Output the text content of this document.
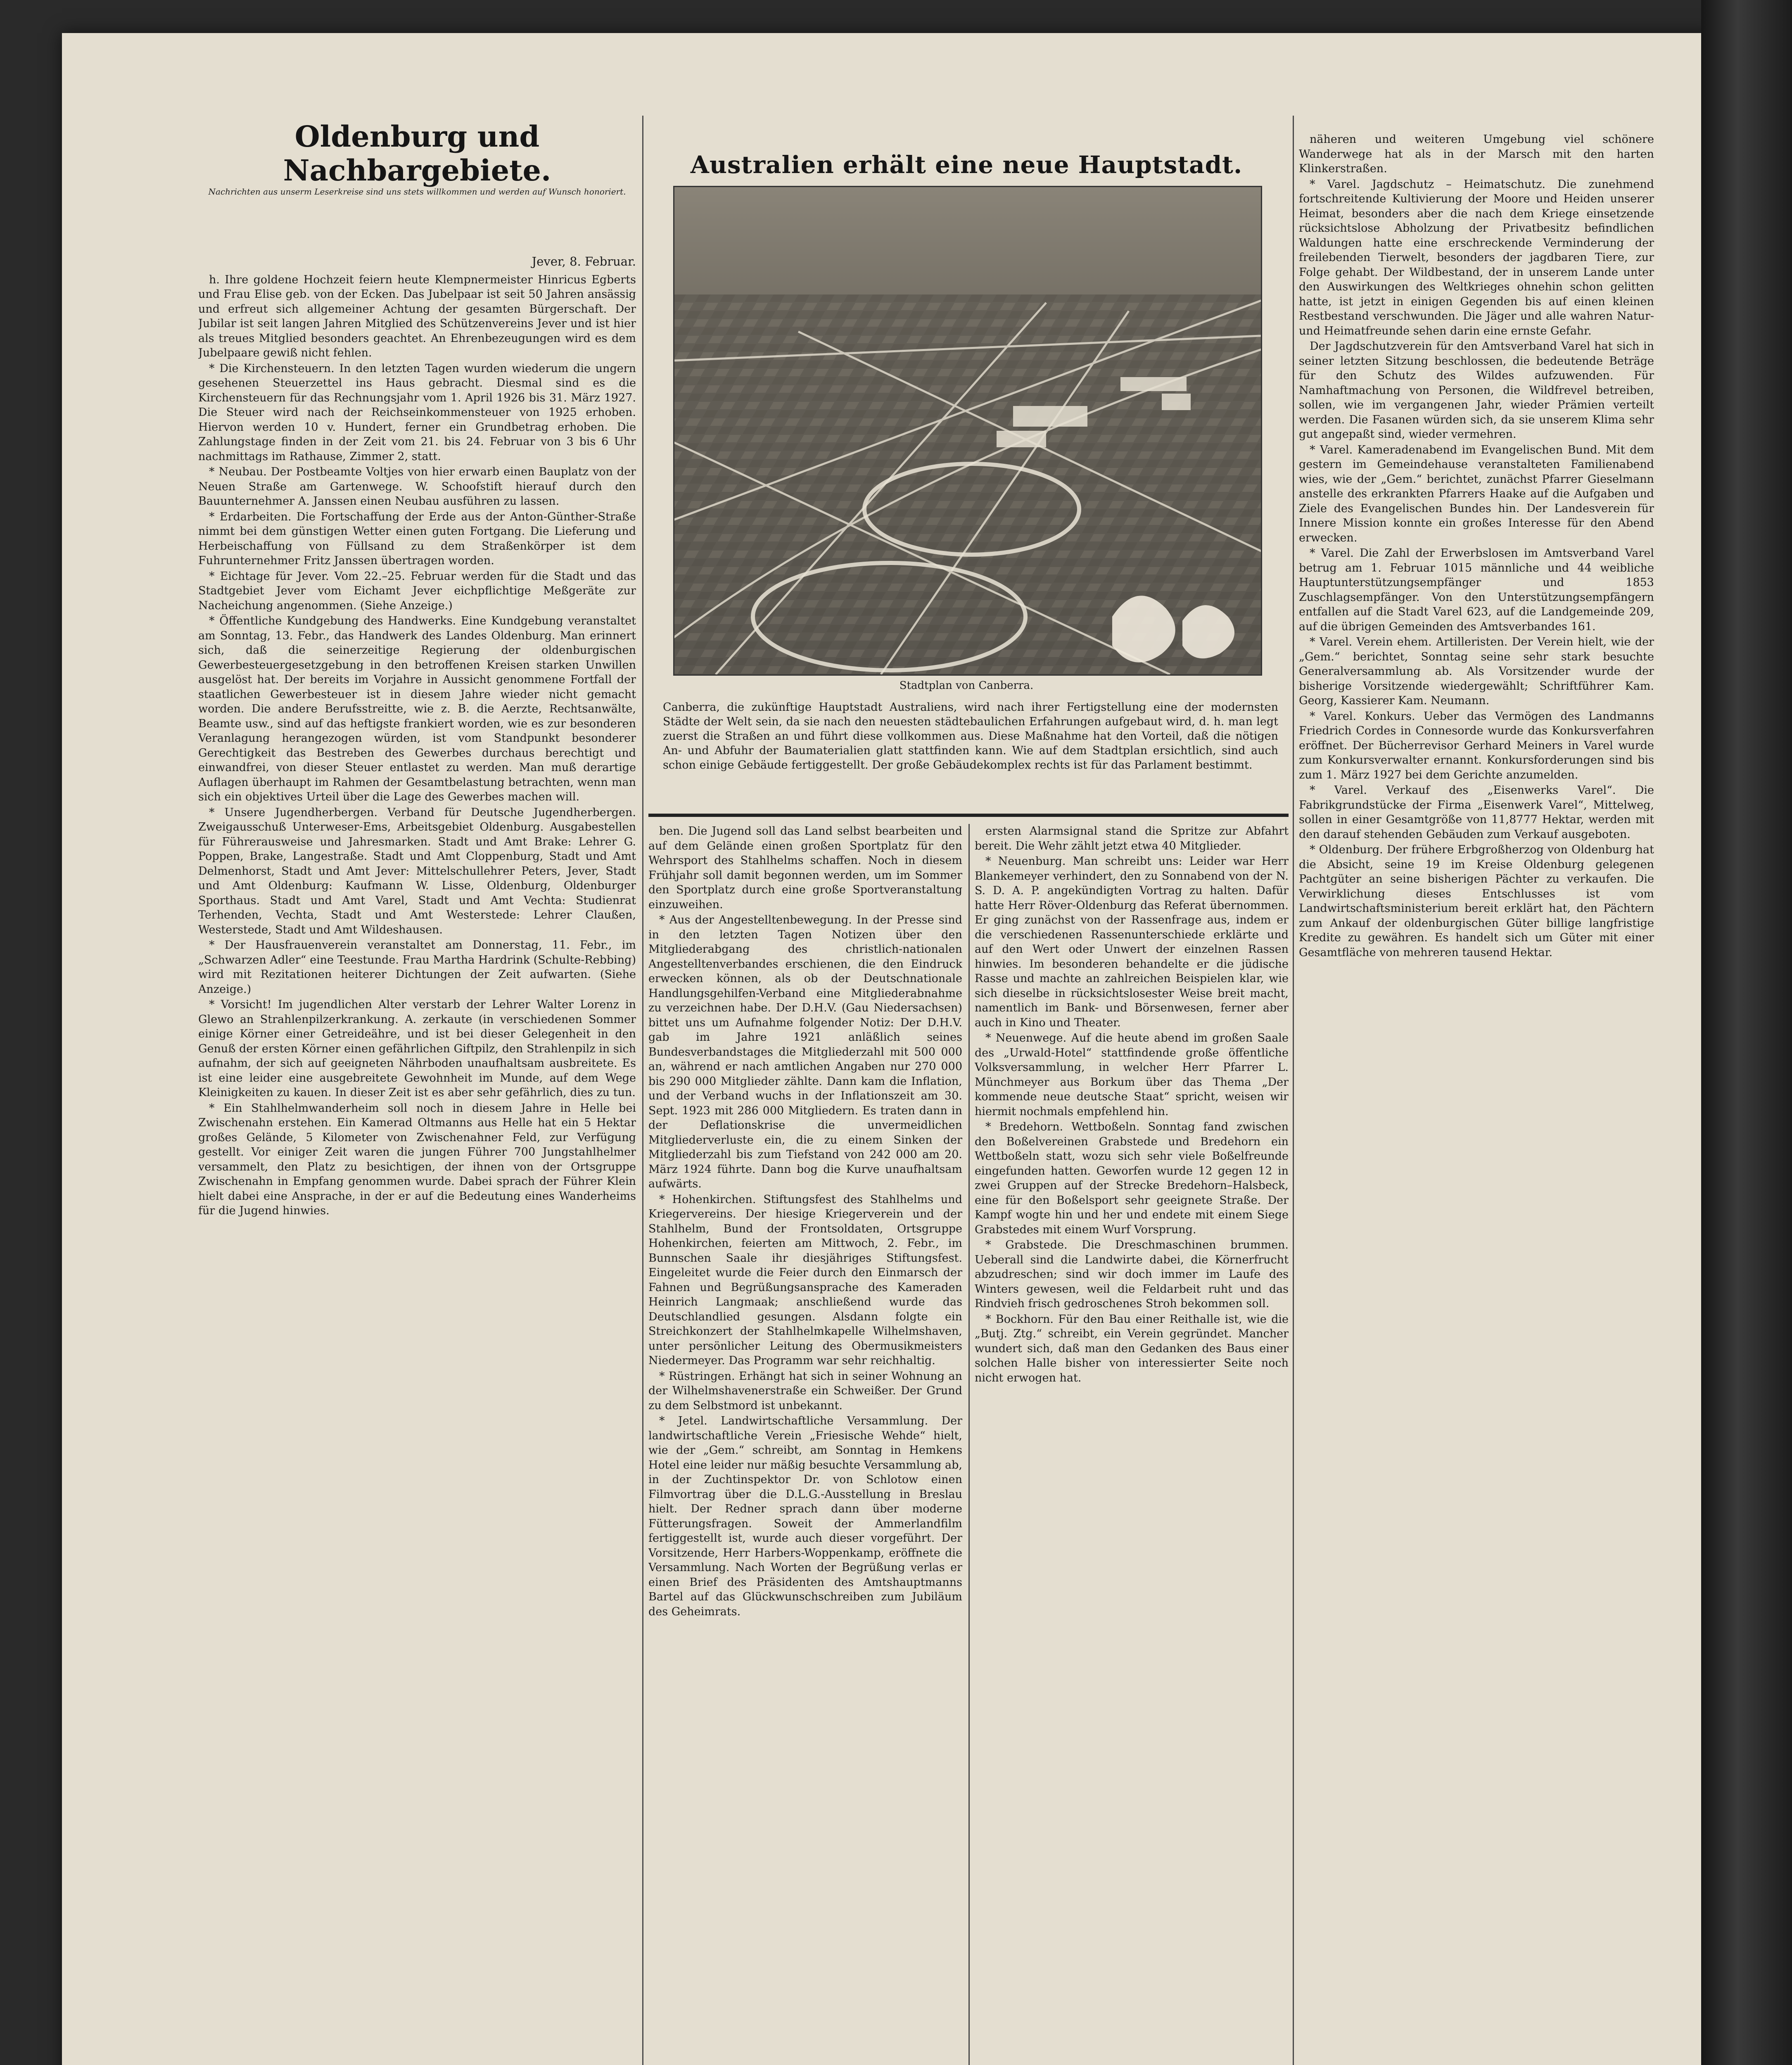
Oldenburg und Nachbargebiete.
Nachrichten aus unserm Leserkreise sind uns stets willkommen und werden auf Wunsch honoriert.
Jever, 8. Februar.

h. Ihre goldene Hochzeit feiern heute Klempnermeister Hinricus Egberts und Frau Elise geb. von der Ecken. Das Jubelpaar ist seit 50 Jahren ansässig und erfreut sich allgemeiner Achtung der gesamten Bürgerschaft. Der Jubilar ist seit langen Jahren Mitglied des Schützenvereins Jever und ist hier als treues Mitglied besonders geachtet. An Ehrenbezeugungen wird es dem Jubelpaare gewiß nicht fehlen.

* Die Kirchensteuern. In den letzten Tagen wurden wiederum die ungern gesehenen Steuerzettel ins Haus gebracht. Diesmal sind es die Kirchensteuern für das Rechnungsjahr vom 1. April 1926 bis 31. März 1927. Die Steuer wird nach der Reichseinkommensteuer von 1925 erhoben. Hiervon werden 10 v. Hundert, ferner ein Grundbetrag erhoben. Die Zahlungstage finden in der Zeit vom 21. bis 24. Februar von 3 bis 6 Uhr nachmittags im Rathause, Zimmer 2, statt.

* Neubau. Der Postbeamte Voltjes von hier erwarb einen Bauplatz von der Neuen Straße am Gartenwege. W. Schoofstift hierauf durch den Bauunternehmer A. Janssen einen Neubau ausführen zu lassen.

* Erdarbeiten. Die Fortschaffung der Erde aus der Anton-Günther-Straße nimmt bei dem günstigen Wetter einen guten Fortgang. Die Lieferung und Herbeischaffung von Füllsand zu dem Straßenkörper ist dem Fuhrunternehmer Fritz Janssen übertragen worden.

* Eichtage für Jever. Vom 22.–25. Februar werden für die Stadt und das Stadtgebiet Jever vom Eichamt Jever eichpflichtige Meßgeräte zur Nacheichung angenommen. (Siehe Anzeige.)

* Öffentliche Kundgebung des Handwerks. Eine Kundgebung veranstaltet am Sonntag, 13. Febr., das Handwerk des Landes Oldenburg. Man erinnert sich, daß die seinerzeitige Regierung der oldenburgischen Gewerbesteuergesetzgebung in den betroffenen Kreisen starken Unwillen ausgelöst hat. Der bereits im Vorjahre in Aussicht genommene Fortfall der staatlichen Gewerbesteuer ist in diesem Jahre wieder nicht gemacht worden. Die andere Berufsstreitte, wie z. B. die Aerzte, Rechtsanwälte, Beamte usw., sind auf das heftigste frankiert worden, wie es zur besonderen Veranlagung herangezogen würden, ist vom Standpunkt besonderer Gerechtigkeit das Bestreben des Gewerbes durchaus berechtigt und einwandfrei, von dieser Steuer entlastet zu werden. Man muß derartige Auflagen überhaupt im Rahmen der Gesamtbelastung betrachten, wenn man sich ein objektives Urteil über die Lage des Gewerbes machen will.

* Unsere Jugendherbergen. Verband für Deutsche Jugendherbergen. Zweigausschuß Unterweser-Ems, Arbeitsgebiet Oldenburg. Ausgabestellen für Führerausweise und Jahresmarken. Stadt und Amt Brake: Lehrer G. Poppen, Brake, Langestraße. Stadt und Amt Cloppenburg, Stadt und Amt Delmenhorst, Stadt und Amt Jever: Mittelschullehrer Peters, Jever, Stadt und Amt Oldenburg: Kaufmann W. Lisse, Oldenburg, Oldenburger Sporthaus. Stadt und Amt Varel, Stadt und Amt Vechta: Studienrat Terhenden, Vechta, Stadt und Amt Westerstede: Lehrer Claußen, Westerstede, Stadt und Amt Wildeshausen.

* Der Hausfrauenverein veranstaltet am Donnerstag, 11. Febr., im „Schwarzen Adler“ eine Teestunde. Frau Martha Hardrink (Schulte-Rebbing) wird mit Rezitationen heiterer Dichtungen der Zeit aufwarten. (Siehe Anzeige.)

* Vorsicht! Im jugendlichen Alter verstarb der Lehrer Walter Lorenz in Glewo an Strahlenpilzerkrankung. A. zerkaute (in verschiedenen Sommer einige Körner einer Getreideähre, und ist bei dieser Gelegenheit in den Genuß der ersten Körner einen gefährlichen Giftpilz, den Strahlenpilz in sich aufnahm, der sich auf geeigneten Nährboden unaufhaltsam ausbreitete. Es ist eine leider eine ausgebreitete Gewohnheit im Munde, auf dem Wege Kleinigkeiten zu kauen. In dieser Zeit ist es aber sehr gefährlich, dies zu tun.

* Ein Stahlhelmwanderheim soll noch in diesem Jahre in Helle bei Zwischenahn erstehen. Ein Kamerad Oltmanns aus Helle hat ein 5 Hektar großes Gelände, 5 Kilometer von Zwischenahner Feld, zur Verfügung gestellt. Vor einiger Zeit waren die jungen Führer 700 Jungstahlhelmer versammelt, den Platz zu besichtigen, der ihnen von der Ortsgruppe Zwischenahn in Empfang genommen wurde. Dabei sprach der Führer Klein hielt dabei eine Ansprache, in der er auf die Bedeutung eines Wanderheims für die Jugend hinwies.

Australien erhält eine neue Hauptstadt.
Stadtplan von Canberra.
Canberra, die zukünftige Hauptstadt Australiens, wird nach ihrer Fertigstellung eine der modernsten Städte der Welt sein, da sie nach den neuesten städtebaulichen Erfahrungen aufgebaut wird, d. h. man legt zuerst die Straßen an und führt diese vollkommen aus. Diese Maßnahme hat den Vorteil, daß die nötigen An- und Abfuhr der Baumaterialien glatt stattfinden kann. Wie auf dem Stadtplan ersichtlich, sind auch schon einige Gebäude fertiggestellt. Der große Gebäudekomplex rechts ist für das Parlament bestimmt.

ben. Die Jugend soll das Land selbst bearbeiten und auf dem Gelände einen großen Sportplatz für den Wehrsport des Stahlhelms schaffen. Noch in diesem Frühjahr soll damit begonnen werden, um im Sommer den Sportplatz durch eine große Sportveranstaltung einzuweihen.

* Aus der Angestelltenbewegung. In der Presse sind in den letzten Tagen Notizen über den Mitgliederabgang des christlich-nationalen Angestelltenverbandes erschienen, die den Eindruck erwecken können, als ob der Deutschnationale Handlungsgehilfen-Verband eine Mitgliederabnahme zu verzeichnen habe. Der D.H.V. (Gau Niedersachsen) bittet uns um Aufnahme folgender Notiz: Der D.H.V. gab im Jahre 1921 anläßlich seines Bundesverbandstages die Mitgliederzahl mit 500 000 an, während er nach amtlichen Angaben nur 270 000 bis 290 000 Mitglieder zählte. Dann kam die Inflation, und der Verband wuchs in der Inflationszeit am 30. Sept. 1923 mit 286 000 Mitgliedern. Es traten dann in der Deflationskrise die unvermeidlichen Mitgliederverluste ein, die zu einem Sinken der Mitgliederzahl bis zum Tiefstand von 242 000 am 20. März 1924 führte. Dann bog die Kurve unaufhaltsam aufwärts.

* Hohenkirchen. Stiftungsfest des Stahlhelms und Kriegervereins. Der hiesige Kriegerverein und der Stahlhelm, Bund der Frontsoldaten, Ortsgruppe Hohenkirchen, feierten am Mittwoch, 2. Febr., im Bunnschen Saale ihr diesjähriges Stiftungsfest. Eingeleitet wurde die Feier durch den Einmarsch der Fahnen und Begrüßungsansprache des Kameraden Heinrich Langmaak; anschließend wurde das Deutschlandlied gesungen. Alsdann folgte ein Streichkonzert der Stahlhelmkapelle Wilhelmshaven, unter persönlicher Leitung des Obermusikmeisters Niedermeyer. Das Programm war sehr reichhaltig.

* Rüstringen. Erhängt hat sich in seiner Wohnung an der Wilhelmshavenerstraße ein Schweißer. Der Grund zu dem Selbstmord ist unbekannt.

* Jetel. Landwirtschaftliche Versammlung. Der landwirtschaftliche Verein „Friesische Wehde“ hielt, wie der „Gem.“ schreibt, am Sonntag in Hemkens Hotel eine leider nur mäßig besuchte Versammlung ab, in der Zuchtinspektor Dr. von Schlotow einen Filmvortrag über die D.L.G.-Ausstellung in Breslau hielt. Der Redner sprach dann über moderne Fütterungsfragen. Soweit der Ammerlandfilm fertiggestellt ist, wurde auch dieser vorgeführt. Der Vorsitzende, Herr Harbers-Woppenkamp, eröffnete die Versammlung. Nach Worten der Begrüßung verlas er einen Brief des Präsidenten des Amtshauptmanns Bartel auf das Glückwunschschreiben zum Jubiläum des Geheimrats.

ersten Alarmsignal stand die Spritze zur Abfahrt bereit. Die Wehr zählt jetzt etwa 40 Mitglieder.

* Neuenburg. Man schreibt uns: Leider war Herr Blankemeyer verhindert, den zu Sonnabend von der N. S. D. A. P. angekündigten Vortrag zu halten. Dafür hatte Herr Röver-Oldenburg das Referat übernommen. Er ging zunächst von der Rassenfrage aus, indem er die verschiedenen Rassenunterschiede erklärte und auf den Wert oder Unwert der einzelnen Rassen hinwies. Im besonderen behandelte er die jüdische Rasse und machte an zahlreichen Beispielen klar, wie sich dieselbe in rücksichtslosester Weise breit macht, namentlich im Bank- und Börsenwesen, ferner aber auch in Kino und Theater.

* Neuenwege. Auf die heute abend im großen Saale des „Urwald-Hotel“ stattfindende große öffentliche Volksversammlung, in welcher Herr Pfarrer L. Münchmeyer aus Borkum über das Thema „Der kommende neue deutsche Staat“ spricht, weisen wir hiermit nochmals empfehlend hin.

* Bredehorn. Wettboßeln. Sonntag fand zwischen den Boßelvereinen Grabstede und Bredehorn ein Wettboßeln statt, wozu sich sehr viele Boßelfreunde eingefunden hatten. Geworfen wurde 12 gegen 12 in zwei Gruppen auf der Strecke Bredehorn–Halsbeck, eine für den Boßelsport sehr geeignete Straße. Der Kampf wogte hin und her und endete mit einem Siege Grabstedes mit einem Wurf Vorsprung.

* Grabstede. Die Dreschmaschinen brummen. Ueberall sind die Landwirte dabei, die Körnerfrucht abzudreschen; sind wir doch immer im Laufe des Winters gewesen, weil die Feldarbeit ruht und das Rindvieh frisch gedroschenes Stroh bekommen soll.

* Bockhorn. Für den Bau einer Reithalle ist, wie die „Butj. Ztg.“ schreibt, ein Verein gegründet. Mancher wundert sich, daß man den Gedanken des Baus einer solchen Halle bisher von interessierter Seite noch nicht erwogen hat.

näheren und weiteren Umgebung viel schönere Wanderwege hat als in der Marsch mit den harten Klinkerstraßen.

* Varel. Jagdschutz – Heimatschutz. Die zunehmend fortschreitende Kultivierung der Moore und Heiden unserer Heimat, besonders aber die nach dem Kriege einsetzende rücksichtslose Abholzung der Privatbesitz befindlichen Waldungen hatte eine erschreckende Verminderung der freilebenden Tierwelt, besonders der jagdbaren Tiere, zur Folge gehabt. Der Wildbestand, der in unserem Lande unter den Auswirkungen des Weltkrieges ohnehin schon gelitten hatte, ist jetzt in einigen Gegenden bis auf einen kleinen Restbestand verschwunden. Die Jäger und alle wahren Natur- und Heimatfreunde sehen darin eine ernste Gefahr.

Der Jagdschutzverein für den Amtsverband Varel hat sich in seiner letzten Sitzung beschlossen, die bedeutende Beträge für den Schutz des Wildes aufzuwenden. Für Namhaftmachung von Personen, die Wildfrevel betreiben, sollen, wie im vergangenen Jahr, wieder Prämien verteilt werden. Die Fasanen würden sich, da sie unserem Klima sehr gut angepaßt sind, wieder vermehren.

* Varel. Kameradenabend im Evangelischen Bund. Mit dem gestern im Gemeindehause veranstalteten Familienabend wies, wie der „Gem.“ berichtet, zunächst Pfarrer Gieselmann anstelle des erkrankten Pfarrers Haake auf die Aufgaben und Ziele des Evangelischen Bundes hin. Der Landesverein für Innere Mission konnte ein großes Interesse für den Abend erwecken.

* Varel. Die Zahl der Erwerbslosen im Amtsverband Varel betrug am 1. Februar 1015 männliche und 44 weibliche Hauptunterstützungsempfänger und 1853 Zuschlagsempfänger. Von den Unterstützungsempfängern entfallen auf die Stadt Varel 623, auf die Landgemeinde 209, auf die übrigen Gemeinden des Amtsverbandes 161.

* Varel. Verein ehem. Artilleristen. Der Verein hielt, wie der „Gem.“ berichtet, Sonntag seine sehr stark besuchte Generalversammlung ab. Als Vorsitzender wurde der bisherige Vorsitzende wiedergewählt; Schriftführer Kam. Georg, Kassierer Kam. Neumann.

* Varel. Konkurs. Ueber das Vermögen des Landmanns Friedrich Cordes in Connesorde wurde das Konkursverfahren eröffnet. Der Bücherrevisor Gerhard Meiners in Varel wurde zum Konkursverwalter ernannt. Konkursforderungen sind bis zum 1. März 1927 bei dem Gerichte anzumelden.

* Varel. Verkauf des „Eisenwerks Varel“. Die Fabrikgrundstücke der Firma „Eisenwerk Varel“, Mittelweg, sollen in einer Gesamtgröße von 11,8777 Hektar, werden mit den darauf stehenden Gebäuden zum Verkauf ausgeboten.

* Oldenburg. Der frühere Erbgroßherzog von Oldenburg hat die Absicht, seine 19 im Kreise Oldenburg gelegenen Pachtgüter an seine bisherigen Pächter zu verkaufen. Die Verwirklichung dieses Entschlusses ist vom Landwirtschaftsministerium bereit erklärt hat, den Pächtern zum Ankauf der oldenburgischen Güter billige langfristige Kredite zu gewähren. Es handelt sich um Güter mit einer Gesamtfläche von mehreren tausend Hektar.
